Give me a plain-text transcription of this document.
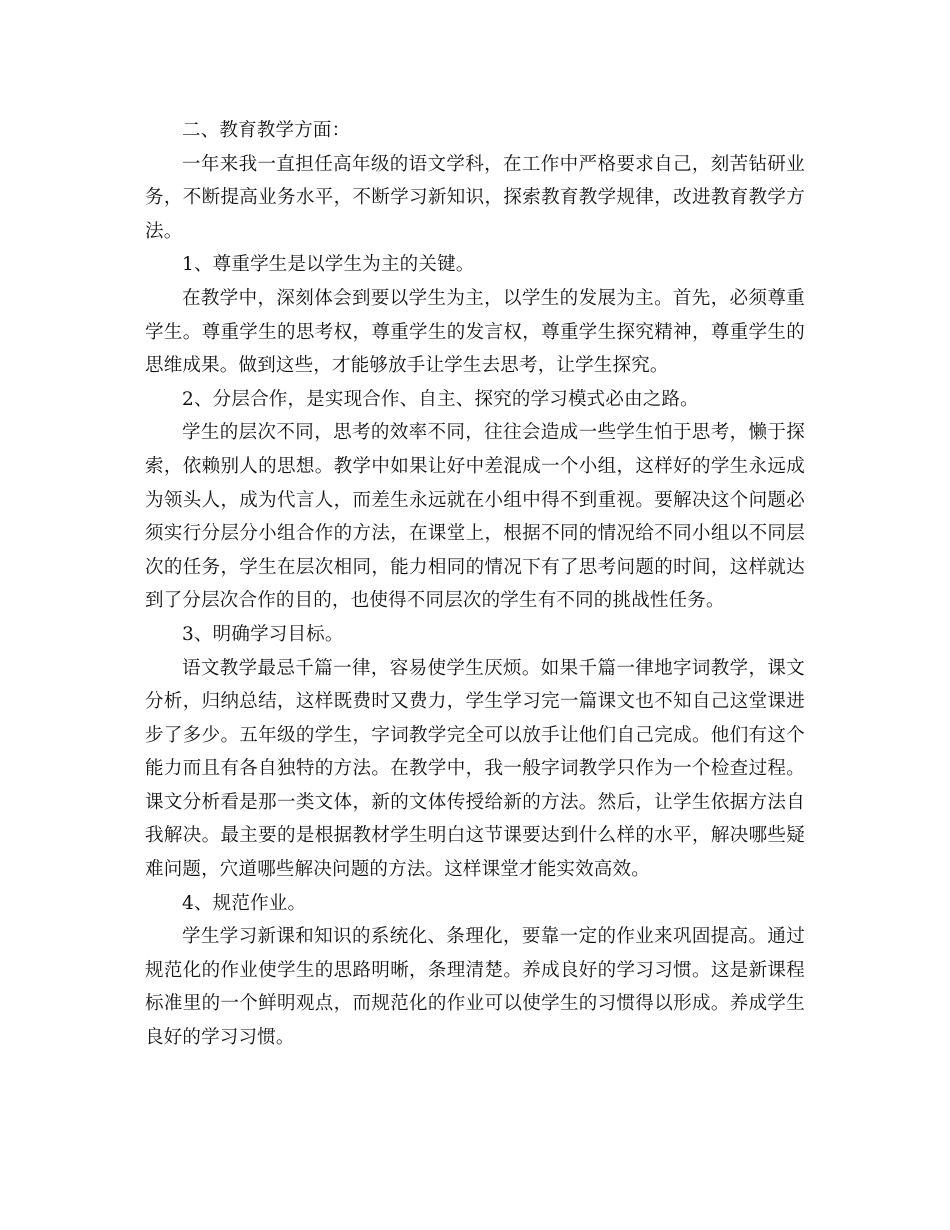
二、教育教学方面：

一年来我一直担任高年级的语文学科，在工作中严格要求自己，刻苦钻研业务，不断提高业务水平，不断学习新知识，探索教育教学规律，改进教育教学方法。

1、尊重学生是以学生为主的关键。

在教学中，深刻体会到要以学生为主，以学生的发展为主。首先，必须尊重学生。尊重学生的思考权，尊重学生的发言权，尊重学生探究精神，尊重学生的思维成果。做到这些，才能够放手让学生去思考，让学生探究。

2、分层合作，是实现合作、自主、探究的学习模式必由之路。

学生的层次不同，思考的效率不同，往往会造成一些学生怕于思考，懒于探索，依赖别人的思想。教学中如果让好中差混成一个小组，这样好的学生永远成为领头人，成为代言人，而差生永远就在小组中得不到重视。要解决这个问题必须实行分层分小组合作的方法，在课堂上，根据不同的情况给不同小组以不同层次的任务，学生在层次相同，能力相同的情况下有了思考问题的时间，这样就达到了分层次合作的目的，也使得不同层次的学生有不同的挑战性任务。

3、明确学习目标。

语文教学最忌千篇一律，容易使学生厌烦。如果千篇一律地字词教学，课文分析，归纳总结，这样既费时又费力，学生学习完一篇课文也不知自己这堂课进步了多少。五年级的学生，字词教学完全可以放手让他们自己完成。他们有这个能力而且有各自独特的方法。在教学中，我一般字词教学只作为一个检查过程。课文分析看是那一类文体，新的文体传授给新的方法。然后，让学生依据方法自我解决。最主要的是根据教材学生明白这节课要达到什么样的水平，解决哪些疑难问题，穴道哪些解决问题的方法。这样课堂才能实效高效。

4、规范作业。

学生学习新课和知识的系统化、条理化，要靠一定的作业来巩固提高。通过规范化的作业使学生的思路明晰，条理清楚。养成良好的学习习惯。这是新课程标准里的一个鲜明观点，而规范化的作业可以使学生的习惯得以形成。养成学生良好的学习习惯。
